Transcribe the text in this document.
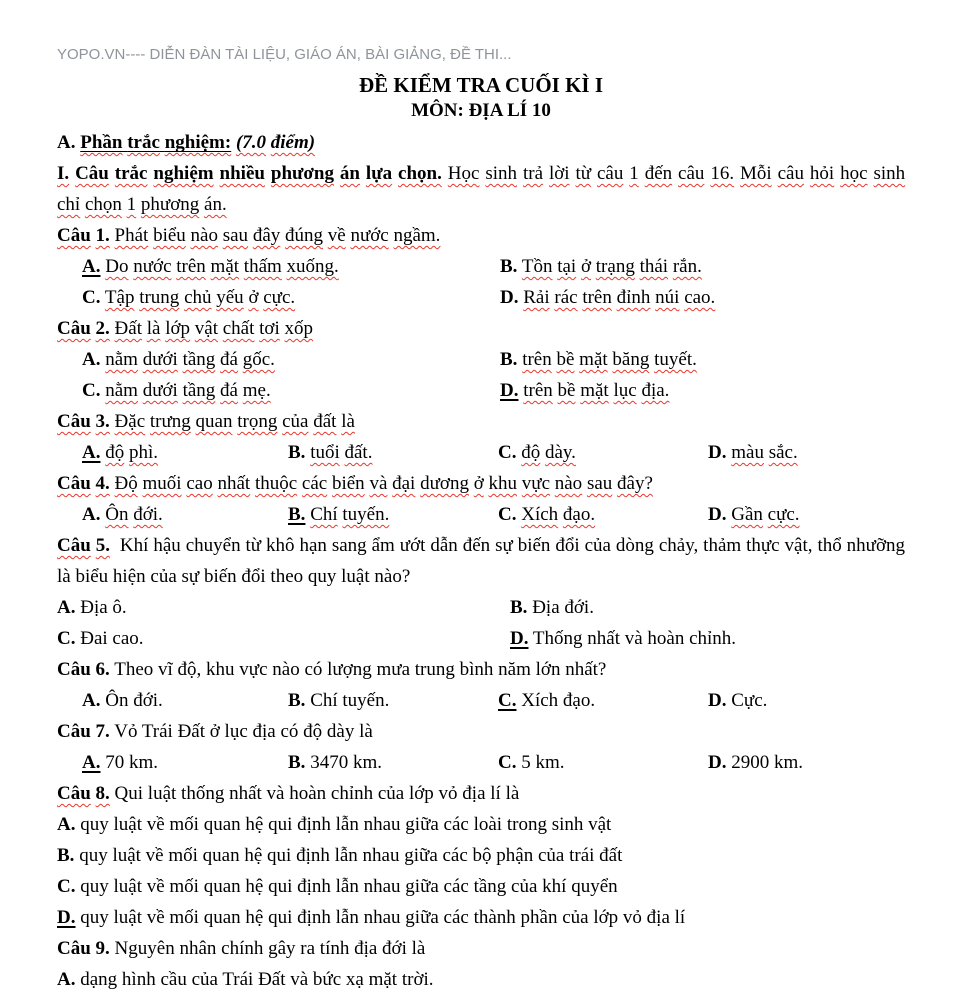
YOPO.VN---- DIỄN ĐÀN TÀI LIỆU, GIÁO ÁN, BÀI GIẢNG, ĐỀ THI...
ĐỀ KIỂM TRA CUỐI KÌ I
MÔN: ĐỊA LÍ 10
A. Phần trắc nghiệm: (7.0 điểm)
I. Câu trắc nghiệm nhiều phương án lựa chọn. Học sinh trả lời từ câu 1 đến câu 16. Mỗi câu hỏi học sinh chỉ chọn 1 phương án.
Câu 1. Phát biểu nào sau đây đúng về nước ngầm.
A. Do nước trên mặt thấm xuống.	B. Tồn tại ở trạng thái rắn.
C. Tập trung chủ yếu ở cực.	D. Rải rác trên đỉnh núi cao.
Câu 2. Đất là lớp vật chất tơi xốp
A. nằm dưới tầng đá gốc.	B. trên bề mặt băng tuyết.
C. nằm dưới tầng đá mẹ.	D. trên bề mặt lục địa.
Câu 3. Đặc trưng quan trọng của đất là
A. độ phì.	B. tuổi đất.	C. độ dày.	D. màu sắc.
Câu 4. Độ muối cao nhất thuộc các biển và đại dương ở khu vực nào sau đây?
A. Ôn đới.	B. Chí tuyến.	C. Xích đạo.	D. Gần cực.
Câu 5.  Khí hậu chuyển từ khô hạn sang ẩm ướt dẫn đến sự biến đổi của dòng chảy, thảm thực vật, thổ nhưỡng là biểu hiện của sự biến đổi theo quy luật nào?
A. Địa ô.	B. Địa đới.
C. Đai cao.	D. Thống nhất và hoàn chỉnh.
Câu 6. Theo vĩ độ, khu vực nào có lượng mưa trung bình năm lớn nhất?
A. Ôn đới.	B. Chí tuyến.	C. Xích đạo.	D. Cực.
Câu 7. Vỏ Trái Đất ở lục địa có độ dày là
A. 70 km.	B. 3470 km.	C. 5 km.	D. 2900 km.
Câu 8. Qui luật thống nhất và hoàn chỉnh của lớp vỏ địa lí là
A. quy luật về mối quan hệ qui định lẫn nhau giữa các loài trong sinh vật
B. quy luật về mối quan hệ qui định lẫn nhau giữa các bộ phận của trái đất
C. quy luật về mối quan hệ qui định lẫn nhau giữa các tầng của khí quyển
D. quy luật về mối quan hệ qui định lẫn nhau giữa các thành phần của lớp vỏ địa lí
Câu 9. Nguyên nhân chính gây ra tính địa đới là
A. dạng hình cầu của Trái Đất và bức xạ mặt trời.
